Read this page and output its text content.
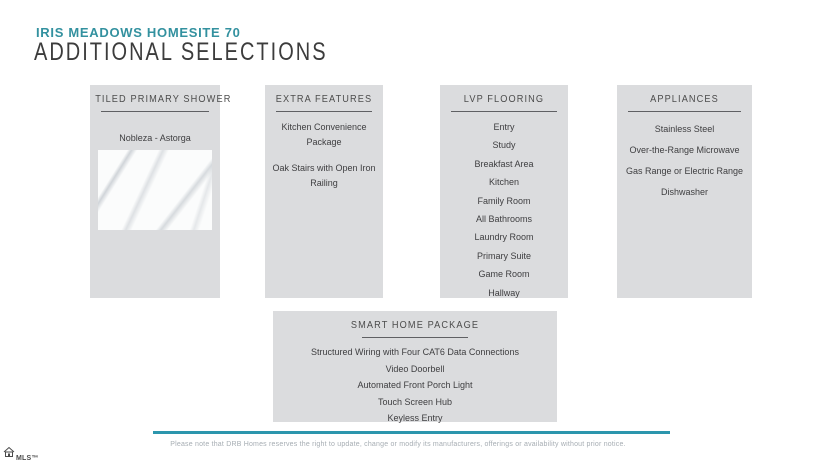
IRIS MEADOWS HOMESITE 70
ADDITIONAL SELECTIONS
TILED PRIMARY SHOWER
Nobleza - Astorga
EXTRA FEATURES
Kitchen Convenience Package
Oak Stairs with Open Iron Railing
LVP FLOORING
Entry
Study
Breakfast Area
Kitchen
Family Room
All Bathrooms
Laundry Room
Primary Suite
Game Room
Hallway
APPLIANCES
Stainless Steel
Over-the-Range Microwave
Gas Range or Electric Range
Dishwasher
SMART HOME PACKAGE
Structured Wiring with Four CAT6 Data Connections
Video Doorbell
Automated Front Porch Light
Touch Screen Hub
Keyless Entry
Please note that DRB Homes reserves the right to update, change or modify its manufacturers, offerings or availability without prior notice.
MLS™
